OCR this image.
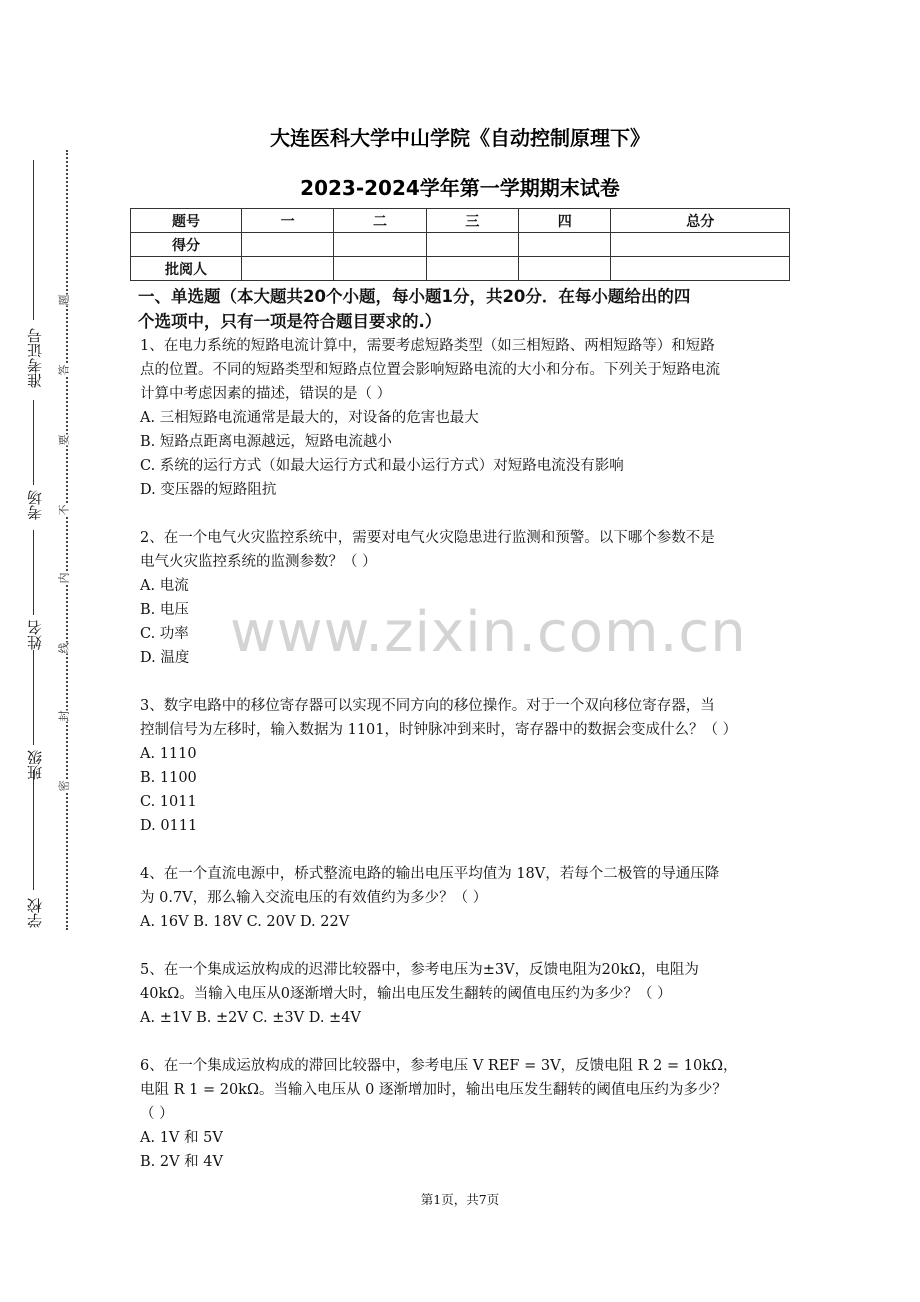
学校
班级
姓名
考场
准考证号
题
答
要
不
内
线
封
密
大连医科大学中山学院《自动控制原理下》
2023-2024学年第一学期期末试卷
题号	一	二	三	四	总分
得分					
批阅人					
一、单选题（本大题共20个小题，每小题1分，共20分．在每小题给出的四
个选项中，只有一项是符合题目要求的.）
1、在电力系统的短路电流计算中，需要考虑短路类型（如三相短路、两相短路等）和短路
点的位置。不同的短路类型和短路点位置会影响短路电流的大小和分布。下列关于短路电流
计算中考虑因素的描述，错误的是（ ）
A. 三相短路电流通常是最大的，对设备的危害也最大
B. 短路点距离电源越远，短路电流越小
C. 系统的运行方式（如最大运行方式和最小运行方式）对短路电流没有影响
D. 变压器的短路阻抗
2、在一个电气火灾监控系统中，需要对电气火灾隐患进行监测和预警。以下哪个参数不是
电气火灾监控系统的监测参数？（ ）
A. 电流
B. 电压
C. 功率
D. 温度
3、数字电路中的移位寄存器可以实现不同方向的移位操作。对于一个双向移位寄存器，当
控制信号为左移时，输入数据为 1101，时钟脉冲到来时，寄存器中的数据会变成什么？（ ）
A. 1110
B. 1100
C. 1011
D. 0111
4、在一个直流电源中，桥式整流电路的输出电压平均值为 18V，若每个二极管的导通压降
为 0.7V，那么输入交流电压的有效值约为多少？（ ）
A. 16V B. 18V C. 20V D. 22V
5、在一个集成运放构成的迟滞比较器中，参考电压为±3V，反馈电阻为20kΩ，电阻为
40kΩ。当输入电压从0逐渐增大时，输出电压发生翻转的阈值电压约为多少？（ ）
A. ±1V B. ±2V C. ±3V D. ±4V
6、在一个集成运放构成的滞回比较器中，参考电压 V REF = 3V，反馈电阻 R 2 = 10kΩ，
电阻 R 1 = 20kΩ。当输入电压从 0 逐渐增加时，输出电压发生翻转的阈值电压约为多少？
（ ）
A. 1V 和 5V
B. 2V 和 4V
www.zixin.com.cn
第1页，共7页
